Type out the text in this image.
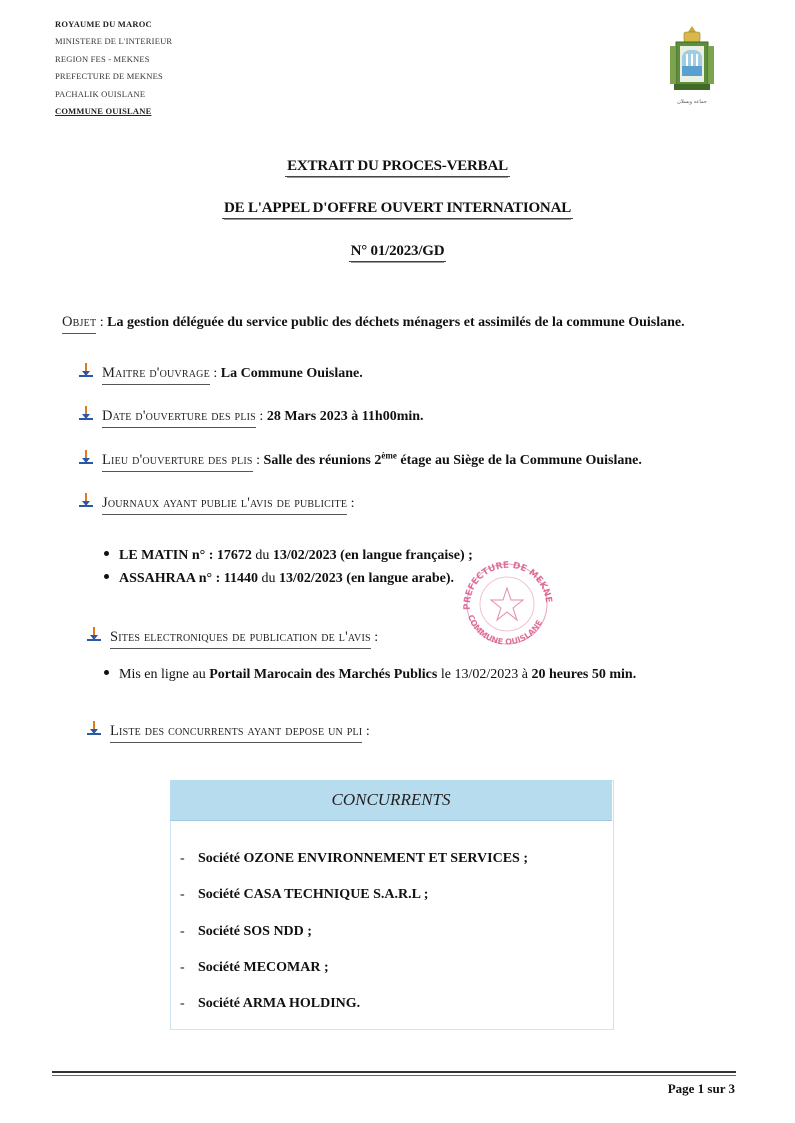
ROYAUME DU MAROC
MINISTERE DE L'INTERIEUR
REGION FES - MEKNES
PREFECTURE DE MEKNES
PACHALIK OUISLANE
COMMUNE OUISLANE
جماعة ويسلان
EXTRAIT DU PROCES-VERBAL
DE L'APPEL D'OFFRE OUVERT INTERNATIONAL
N° 01/2023/GD
Objet : La gestion déléguée du service public des déchets ménagers et assimilés de la commune Ouislane.
Maitre d'ouvrage : La Commune Ouislane.
Date d'ouverture des plis : 28 Mars 2023 à 11h00min.
Lieu d'ouverture des plis : Salle des réunions 2ème étage au Siège de la Commune Ouislane.
Journaux ayant publie l'avis de publicite :
LE MATIN n° : 17672 du 13/02/2023 (en langue française) ;
ASSAHRAA n° : 11440 du 13/02/2023 (en langue arabe).
PREFECTURE DE MEKNE
COMMUNE OUISLANE
Sites electroniques de publication de l'avis :
Mis en ligne au Portail Marocain des Marchés Publics le 13/02/2023 à 20 heures 50 min.
Liste des concurrents ayant depose un pli :
CONCURRENTS
- Société OZONE ENVIRONNEMENT ET SERVICES ;
- Société CASA TECHNIQUE S.A.R.L ;
- Société SOS NDD ;
- Société MECOMAR ;
- Société ARMA HOLDING.
Page 1 sur 3
